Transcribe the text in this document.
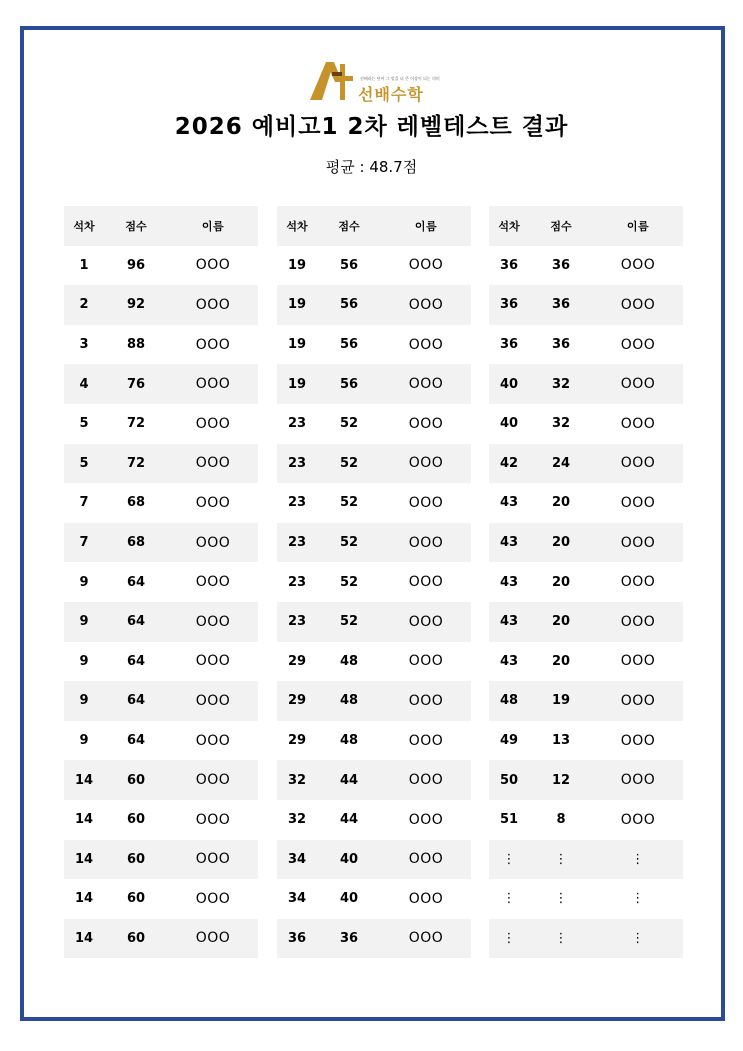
선배라는 단어 그 말을 더 큰 이상이 되는 의미
선배수학
2026 예비고1 2차 레벨테스트 결과
평균 : 48.7점
석차	점수	이름
1	96	OOO
2	92	OOO
3	88	OOO
4	76	OOO
5	72	OOO
5	72	OOO
7	68	OOO
7	68	OOO
9	64	OOO
9	64	OOO
9	64	OOO
9	64	OOO
9	64	OOO
14	60	OOO
14	60	OOO
14	60	OOO
14	60	OOO
14	60	OOO
석차	점수	이름
19	56	OOO
19	56	OOO
19	56	OOO
19	56	OOO
23	52	OOO
23	52	OOO
23	52	OOO
23	52	OOO
23	52	OOO
23	52	OOO
29	48	OOO
29	48	OOO
29	48	OOO
32	44	OOO
32	44	OOO
34	40	OOO
34	40	OOO
36	36	OOO
석차	점수	이름
36	36	OOO
36	36	OOO
36	36	OOO
40	32	OOO
40	32	OOO
42	24	OOO
43	20	OOO
43	20	OOO
43	20	OOO
43	20	OOO
43	20	OOO
48	19	OOO
49	13	OOO
50	12	OOO
51	8	OOO
⋮	⋮	⋮
⋮	⋮	⋮
⋮	⋮	⋮
